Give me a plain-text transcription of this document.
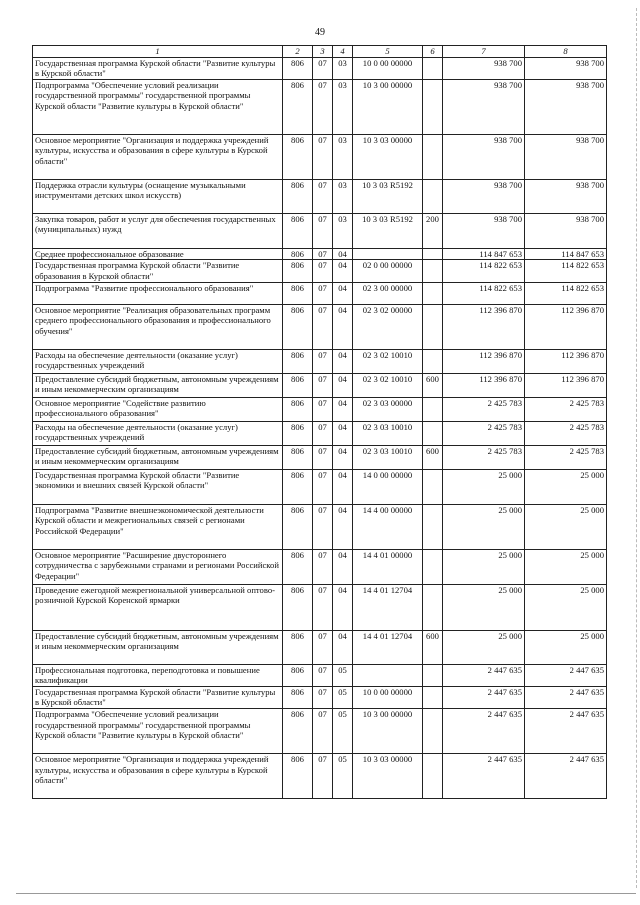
49
1	2	3	4	5	6	7	8
Государственная программа Курской области "Развитие культуры в Курской области"	806	07	03	10 0 00 00000		938 700	938 700
Подпрограмма "Обеспечение условий реализации государственной программы" государственной программы Курской области "Развитие культуры в Курской области"	806	07	03	10 3 00 00000		938 700	938 700
Основное мероприятие "Организация и поддержка учреждений культуры, искусства и образования в сфере культуры в Курской области"	806	07	03	10 3 03 00000		938 700	938 700
Поддержка отрасли культуры (оснащение музыкальными инструментами детских школ искусств)	806	07	03	10 3 03 R5192		938 700	938 700
Закупка товаров, работ и услуг для обеспечения государственных (муниципальных) нужд	806	07	03	10 3 03 R5192	200	938 700	938 700
Среднее профессиональное образование	806	07	04			114 847 653	114 847 653
Государственная программа Курской области "Развитие образования в Курской области"	806	07	04	02 0 00 00000		114 822 653	114 822 653
Подпрограмма "Развитие профессионального образования"	806	07	04	02 3 00 00000		114 822 653	114 822 653
Основное мероприятие "Реализация образовательных программ среднего профессионального образования и профессионального обучения"	806	07	04	02 3 02 00000		112 396 870	112 396 870
Расходы на обеспечение деятельности (оказание услуг) государственных учреждений	806	07	04	02 3 02 10010		112 396 870	112 396 870
Предоставление субсидий бюджетным, автономным учреждениям и иным некоммерческим организациям	806	07	04	02 3 02 10010	600	112 396 870	112 396 870
Основное мероприятие "Содействие развитию профессионального образования"	806	07	04	02 3 03 00000		2 425 783	2 425 783
Расходы на обеспечение деятельности (оказание услуг) государственных учреждений	806	07	04	02 3 03 10010		2 425 783	2 425 783
Предоставление субсидий бюджетным, автономным учреждениям и иным некоммерческим организациям	806	07	04	02 3 03 10010	600	2 425 783	2 425 783
Государственная программа Курской области "Развитие экономики и внешних связей Курской области"	806	07	04	14 0 00 00000		25 000	25 000
Подпрограмма "Развитие внешнеэкономической деятельности Курской области и межрегиональных связей с регионами Российской Федерации"	806	07	04	14 4 00 00000		25 000	25 000
Основное мероприятие "Расширение двустороннего сотрудничества с зарубежными странами и регионами Российской Федерации"	806	07	04	14 4 01 00000		25 000	25 000
Проведение ежегодной межрегиональной универсальной оптово-розничной Курской Коренской ярмарки	806	07	04	14 4 01 12704		25 000	25 000
Предоставление субсидий бюджетным, автономным учреждениям и иным некоммерческим организациям	806	07	04	14 4 01 12704	600	25 000	25 000
Профессиональная подготовка, переподготовка и повышение квалификации	806	07	05			2 447 635	2 447 635
Государственная программа Курской области "Развитие культуры в Курской области"	806	07	05	10 0 00 00000		2 447 635	2 447 635
Подпрограмма "Обеспечение условий реализации государственной программы" государственной программы Курской области "Развитие культуры в Курской области"	806	07	05	10 3 00 00000		2 447 635	2 447 635
Основное мероприятие "Организация и поддержка учреждений культуры, искусства и образования в сфере культуры в Курской области"	806	07	05	10 3 03 00000		2 447 635	2 447 635
